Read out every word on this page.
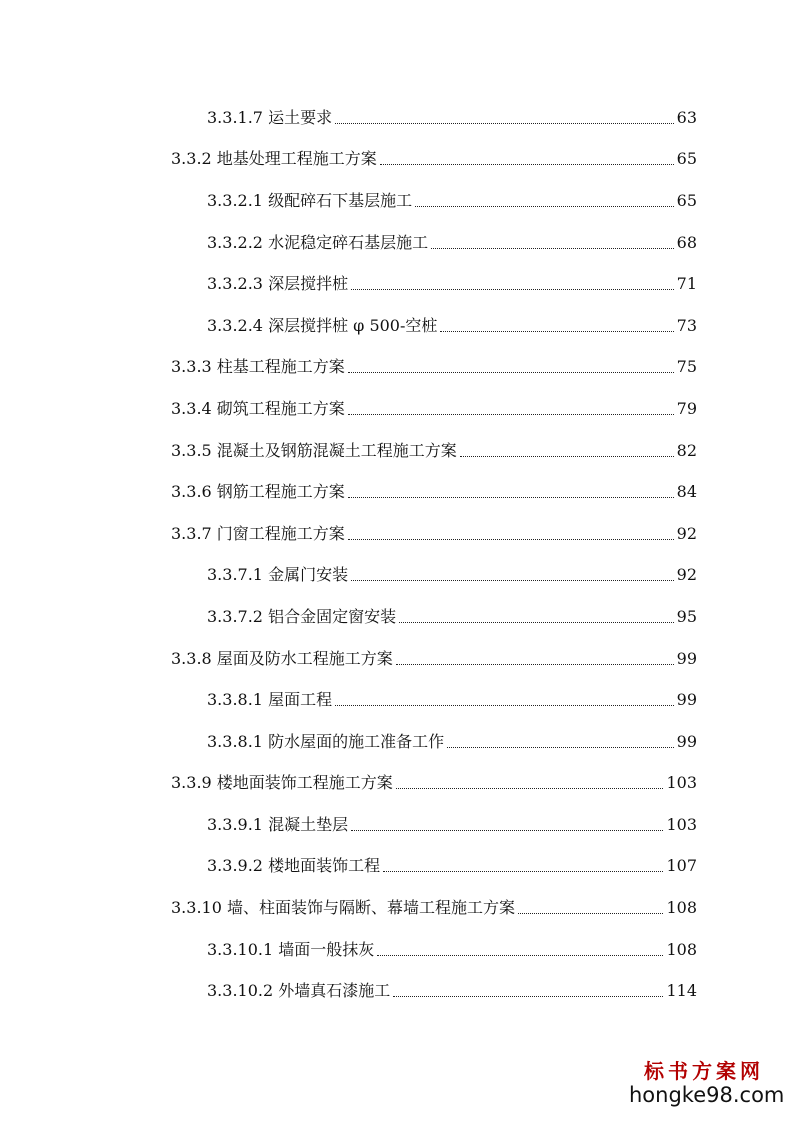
3.3.1.7 运土要求	63
3.3.2 地基处理工程施工方案	65
3.3.2.1 级配碎石下基层施工	65
3.3.2.2 水泥稳定碎石基层施工	68
3.3.2.3 深层搅拌桩	71
3.3.2.4 深层搅拌桩 φ 500-空桩	73
3.3.3 柱基工程施工方案	75
3.3.4 砌筑工程施工方案	79
3.3.5 混凝土及钢筋混凝土工程施工方案	82
3.3.6 钢筋工程施工方案	84
3.3.7 门窗工程施工方案	92
3.3.7.1 金属门安装	92
3.3.7.2 铝合金固定窗安装	95
3.3.8 屋面及防水工程施工方案	99
3.3.8.1 屋面工程	99
3.3.8.1 防水屋面的施工准备工作	99
3.3.9 楼地面装饰工程施工方案	103
3.3.9.1 混凝土垫层	103
3.3.9.2 楼地面装饰工程	107
3.3.10 墙、柱面装饰与隔断、幕墙工程施工方案	108
3.3.10.1 墙面一般抹灰	108
3.3.10.2 外墙真石漆施工	114
标书方案网
hongke98.com
